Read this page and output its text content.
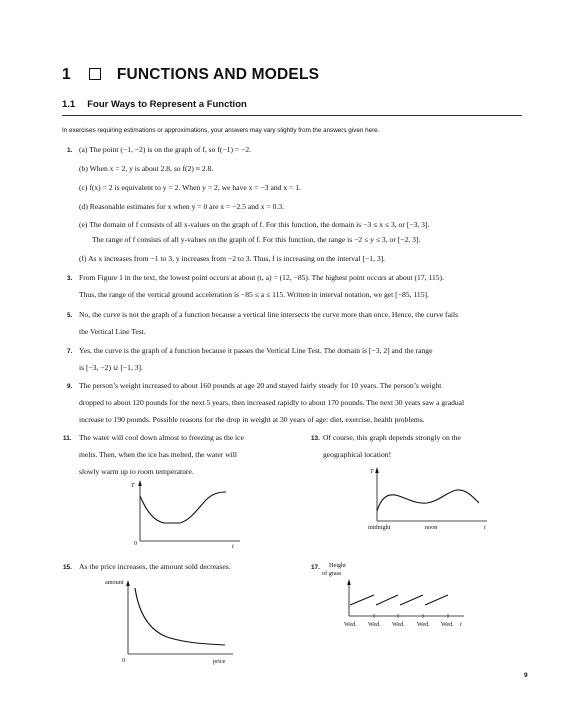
1	FUNCTIONS AND MODELS
1.1 Four Ways to Represent a Function
In exercises requiring estimations or approximations, your answers may vary slightly from the answers given here.
1. (a) The point (−1, −2) is on the graph of f, so f(−1) = −2.
(b) When x = 2, y is about 2.8, so f(2) ≈ 2.8.
(c) f(x) = 2 is equivalent to y = 2. When y = 2, we have x = −3 and x = 1.
(d) Reasonable estimates for x when y = 0 are x = −2.5 and x = 0.3.
(e) The domain of f consists of all x-values on the graph of f. For this function, the domain is −3 ≤ x ≤ 3, or [−3, 3].
The range of f consists of all y-values on the graph of f. For this function, the range is −2 ≤ y ≤ 3, or [−2, 3].
(f) As x increases from −1 to 3, y increases from −2 to 3. Thus, f is increasing on the interval [−1, 3].
3. From Figure 1 in the text, the lowest point occurs at about (t, a) = (12, −85). The highest point occurs at about (17, 115).
Thus, the range of the vertical ground acceleration is −85 ≤ a ≤ 115. Written in interval notation, we get [−85, 115].
5. No, the curve is not the graph of a function because a vertical line intersects the curve more than once. Hence, the curve fails
the Vertical Line Test.
7. Yes, the curve is the graph of a function because it passes the Vertical Line Test. The domain is [−3, 2] and the range
is [−3, −2) ∪ [−1, 3].
9. The person’s weight increased to about 160 pounds at age 20 and stayed fairly steady for 10 years. The person’s weight
dropped to about 120 pounds for the next 5 years, then increased rapidly to about 170 pounds. The next 30 years saw a gradual
increase to 190 pounds. Possible reasons for the drop in weight at 30 years of age: diet, exercise, health problems.
11. The water will cool down almost to freezing as the ice
melts. Then, when the ice has melted, the water will
slowly warm up to room temperature.
T
0	t
13. Of course, this graph depends strongly on the
geographical location!
T
midnight	noon	t
15. As the price increases, the amount sold decreases.
amount
0	price
17. Height
of grass
Wed. Wed. Wed. Wed. Wed. t
9
